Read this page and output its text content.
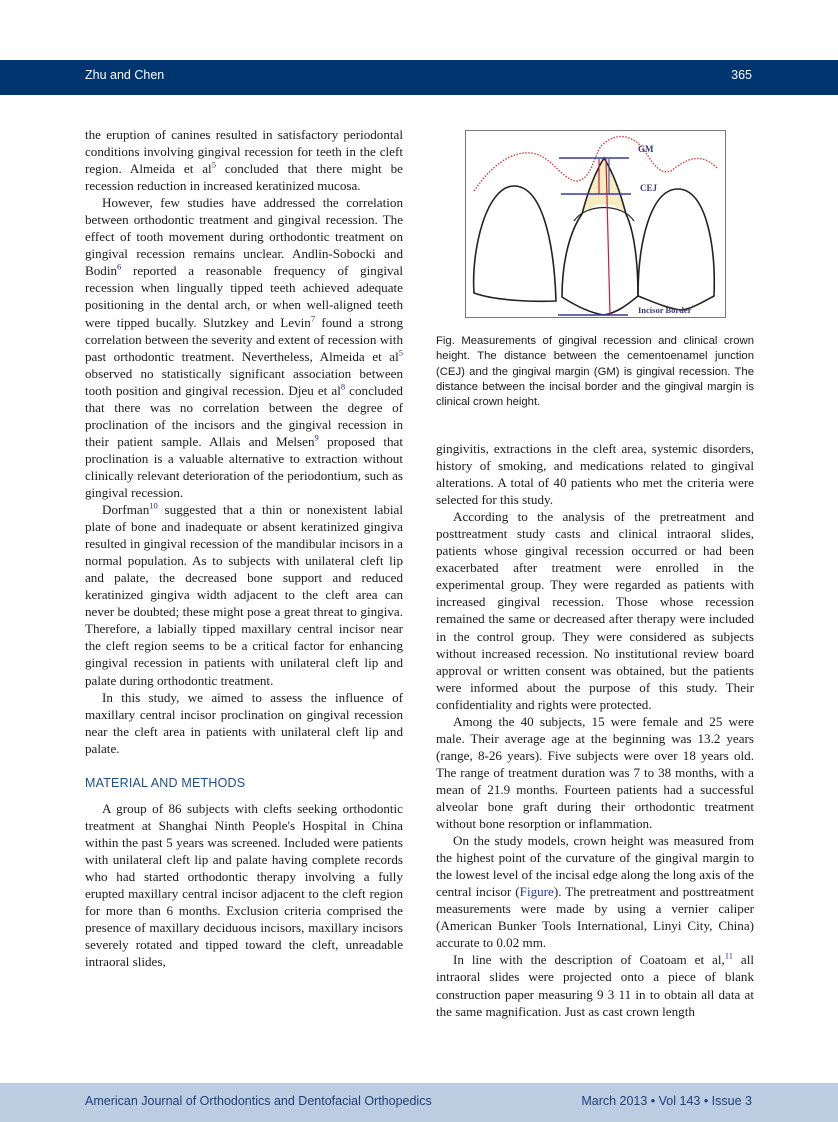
Zhu and Chen	365

the eruption of canines resulted in satisfactory periodontal conditions involving gingival recession for teeth in the cleft region. Almeida et $al^5$ concluded that there might be recession reduction in increased keratinized mucosa.

However, few studies have addressed the correlation between orthodontic treatment and gingival recession. The effect of tooth movement during orthodontic treatment on gingival recession remains unclear. Andlin-Sobocki and Bodin$^6$ reported a reasonable frequency of gingival recession when lingually tipped teeth achieved adequate positioning in the dental arch, or when well-aligned teeth were tipped bucally. Slutzkey and Levin$^7$ found a strong correlation between the severity and extent of recession with past orthodontic treatment. Nevertheless, Almeida et $al^5$ observed no statistically significant association between tooth position and gingival recession. Djeu et $al^8$ concluded that there was no correlation between the degree of proclination of the incisors and the gingival recession in their patient sample. Allais and Melsen$^9$ proposed that proclination is a valuable alternative to extraction without clinically relevant deterioration of the periodontium, such as gingival recession.

Dorfman$^{10}$ suggested that a thin or nonexistent labial plate of bone and inadequate or absent keratinized gingiva resulted in gingival recession of the mandibular incisors in a normal population. As to subjects with unilateral cleft lip and palate, the decreased bone support and reduced keratinized gingiva width adjacent to the cleft area can never be doubted; these might pose a great threat to gingiva. Therefore, a labially tipped maxillary central incisor near the cleft region seems to be a critical factor for enhancing gingival recession in patients with unilateral cleft lip and palate during orthodontic treatment.

In this study, we aimed to assess the influence of maxillary central incisor proclination on gingival recession near the cleft area in patients with unilateral cleft lip and palate.

MATERIAL AND METHODS

A group of 86 subjects with clefts seeking orthodontic treatment at Shanghai Ninth People's Hospital in China within the past 5 years was screened. Included were patients with unilateral cleft lip and palate having complete records who had started orthodontic therapy involving a fully erupted maxillary central incisor adjacent to the cleft region for more than 6 months. Exclusion criteria comprised the presence of maxillary deciduous incisors, maxillary incisors severely rotated and tipped toward the cleft, unreadable intraoral slides,

GM
CEJ
Incisor Border
Fig. Measurements of gingival recession and clinical crown height. The distance between the cementoenamel junction (CEJ) and the gingival margin (GM) is gingival recession. The distance between the incisal border and the gingival margin is clinical crown height.

gingivitis, extractions in the cleft area, systemic disorders, history of smoking, and medications related to gingival alterations. A total of 40 patients who met the criteria were selected for this study.

According to the analysis of the pretreatment and posttreatment study casts and clinical intraoral slides, patients whose gingival recession occurred or had been exacerbated after treatment were enrolled in the experimental group. They were regarded as patients with increased gingival recession. Those whose recession remained the same or decreased after therapy were included in the control group. They were considered as subjects without increased recession. No institutional review board approval or written consent was obtained, but the patients were informed about the purpose of this study. Their confidentiality and rights were protected.

Among the 40 subjects, 15 were female and 25 were male. Their average age at the beginning was 13.2 years (range, 8-26 years). Five subjects were over 18 years old. The range of treatment duration was 7 to 38 months, with a mean of 21.9 months. Fourteen patients had a successful alveolar bone graft during their orthodontic treatment without bone resorption or inflammation.

On the study models, crown height was measured from the highest point of the curvature of the gingival margin to the lowest level of the incisal edge along the long axis of the central incisor (Figure). The pretreatment and posttreatment measurements were made by using a vernier caliper (American Bunker Tools International, Linyi City, China) accurate to 0.02 mm.

In line with the description of Coatoam et al,$^{11}$ all intraoral slides were projected onto a piece of blank construction paper measuring 9 3 11 in to obtain all data at the same magnification. Just as cast crown length

American Journal of Orthodontics and Dentofacial Orthopedics	March 2013 • Vol 143 • Issue 3
